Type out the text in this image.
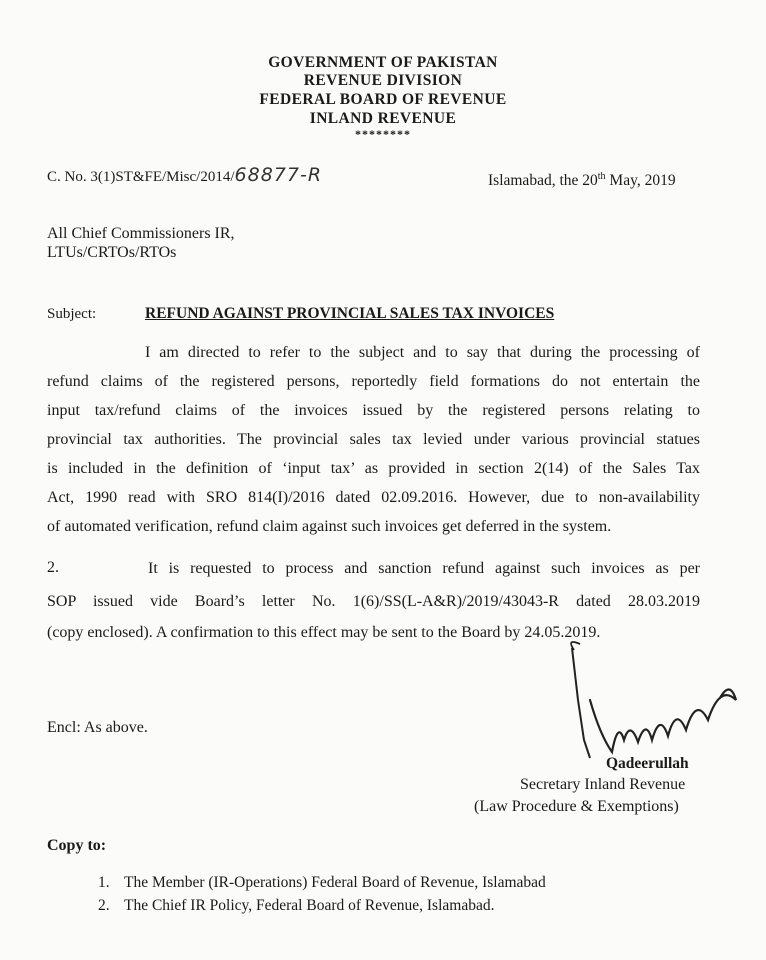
GOVERNMENT OF PAKISTAN
REVENUE DIVISION
FEDERAL BOARD OF REVENUE
INLAND REVENUE
********
C. No. 3(1)ST&FE/Misc/2014/68877-R	Islamabad, the 20th May, 2019
All Chief Commissioners IR,
LTUs/CRTOs/RTOs
Subject:	REFUND AGAINST PROVINCIAL SALES TAX INVOICES
I am directed to refer to the subject and to say that during the processing of
refund claims of the registered persons, reportedly field formations do not entertain the
input tax/refund claims of the invoices issued by the registered persons relating to
provincial tax authorities. The provincial sales tax levied under various provincial statues
is included in the definition of ‘input tax’ as provided in section 2(14) of the Sales Tax
Act, 1990 read with SRO 814(I)/2016 dated 02.09.2016. However, due to non-availability
of automated verification, refund claim against such invoices get deferred in the system.
2.	It is requested to process and sanction refund against such invoices as per
SOP issued vide Board’s letter No. 1(6)/SS(L-A&R)/2019/43043-R dated 28.03.2019
(copy enclosed). A confirmation to this effect may be sent to the Board by 24.05.2019.
Encl: As above.
Qadeerullah
Secretary Inland Revenue
(Law Procedure & Exemptions)
Copy to:
1. The Member (IR-Operations) Federal Board of Revenue, Islamabad
2. The Chief IR Policy, Federal Board of Revenue, Islamabad.
